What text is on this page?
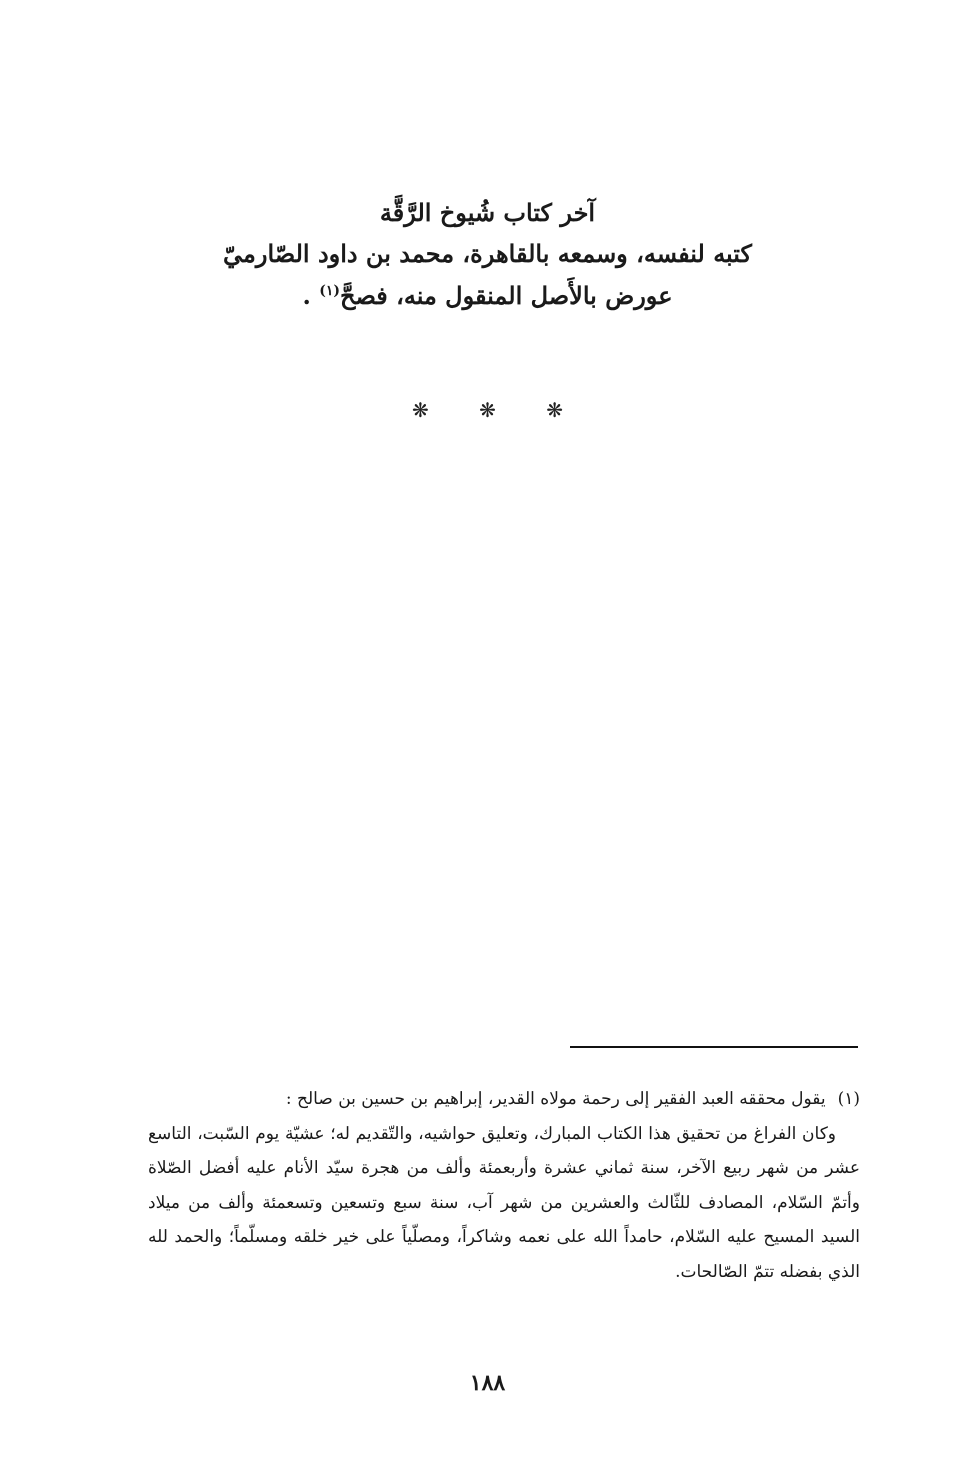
آخر كتاب شُيوخ الرَّقَّة
كتبه لنفسه، وسمعه بالقاهرة، محمد بن داود الصّارميّ
عورض بالأَصل المنقول منه، فصحَّ$^{(١)}$ .
❋	❋	❋
(١)يقول محققه العبد الفقير إلى رحمة مولاه القدير، إبراهيم بن حسين بن صالح :
وكان الفراغ من تحقيق هذا الكتاب المبارك، وتعليق حواشيه، والتّقديم له؛ عشيّة يوم السّبت، التاسع عشر من شهر ربيع الآخر، سنة ثماني عشرة وأربعمئة وألف من هجرة سيّد الأنام عليه أفضل الصّلاة وأتمّ السّلام، المصادف للثّالث والعشرين من شهر آب، سنة سبع وتسعين وتسعمئة وألف من ميلاد السيد المسيح عليه السّلام، حامداً الله على نعمه وشاكراً، ومصلّياً على خير خلقه ومسلّماً؛ والحمد لله الذي بفضله تتمّ الصّالحات.
١٨٨
